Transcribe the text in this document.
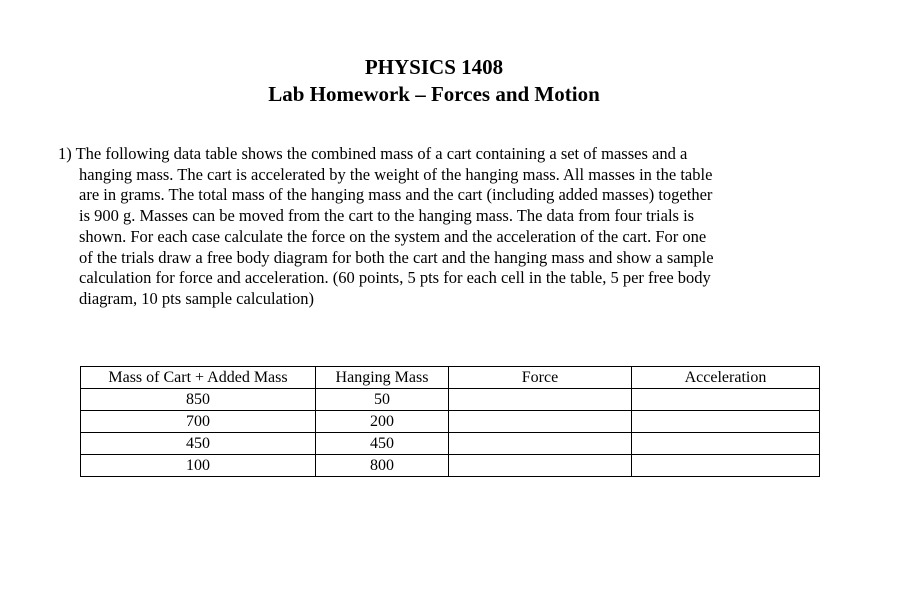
PHYSICS 1408
Lab Homework – Forces and Motion
1) The following data table shows the combined mass of a cart containing a set of masses and a
hanging mass. The cart is accelerated by the weight of the hanging mass. All masses in the table
are in grams. The total mass of the hanging mass and the cart (including added masses) together
is 900 g. Masses can be moved from the cart to the hanging mass. The data from four trials is
shown. For each case calculate the force on the system and the acceleration of the cart. For one
of the trials draw a free body diagram for both the cart and the hanging mass and show a sample
calculation for force and acceleration. (60 points, 5 pts for each cell in the table, 5 per free body
diagram, 10 pts sample calculation)
Mass of Cart + Added Mass	Hanging Mass	Force	Acceleration
850	50		
700	200		
450	450		
100	800		
